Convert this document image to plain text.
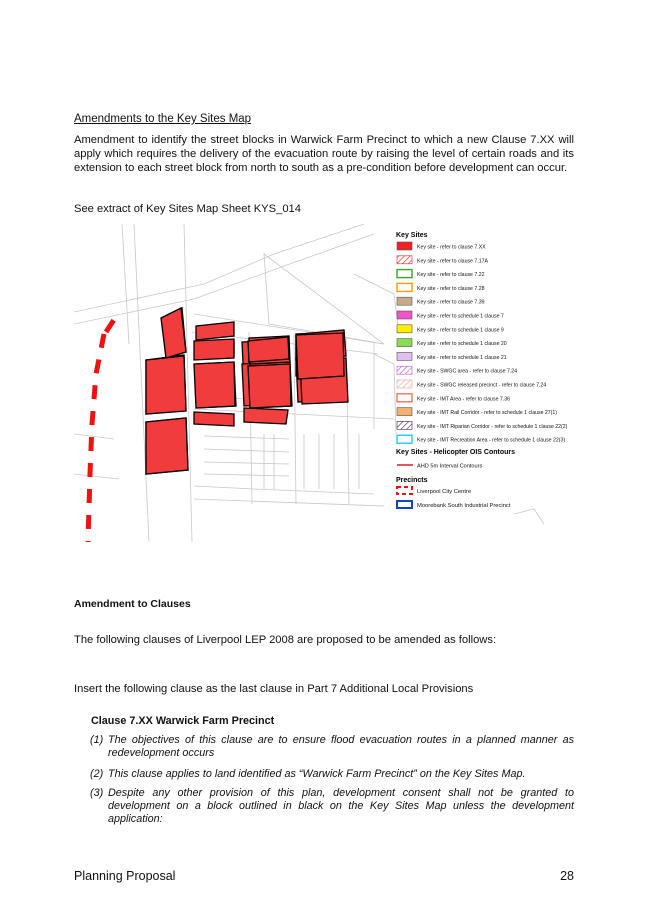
Amendments to the Key Sites Map
Amendment to identify the street blocks in Warwick Farm Precinct to which a new Clause 7.XX will apply which requires the delivery of the evacuation route by raising the level of certain roads and its extension to each street block from north to south as a pre-condition before development can occur.
See extract of Key Sites Map Sheet KYS_014
Key Sites
Key site - refer to clause 7.XX
Key site - refer to clause 7.17A
Key site - refer to clause 7.22
Key site - refer to clause 7.28
Key site - refer to clause 7.39
Key site - refer to schedule 1 clause 7
Key site - refer to schedule 1 clause 9
Key site - refer to schedule 1 clause 20
Key site - refer to schedule 1 clause 21
Key site - SWGC area - refer to clause 7.24
Key site - SWGC released precinct - refer to clause 7.24
Key site - IMT Area - refer to clause 7.36
Key site - IMT Rail Corridor - refer to schedule 1 clause 27(1)
Key site - IMT Riparian Corridor - refer to schedule 1 clause 22(2)
Key site - IMT Recreation Area - refer to schedule 1 clause 22(3)
Key Sites - Helicopter OIS Contours
AHD 5m Interval Contours
Precincts
Liverpool City Centre
Moorebank South Industrial Precinct
Amendment to Clauses
The following clauses of Liverpool LEP 2008 are proposed to be amended as follows:
Insert the following clause as the last clause in Part 7 Additional Local Provisions
Clause 7.XX Warwick Farm Precinct
(1) The objectives of this clause are to ensure flood evacuation routes in a planned manner as redevelopment occurs
(2) This clause applies to land identified as “Warwick Farm Precinct” on the Key Sites Map.
(3) Despite any other provision of this plan, development consent shall not be granted to development on a block outlined in black on the Key Sites Map unless the development application:
Planning Proposal	28
